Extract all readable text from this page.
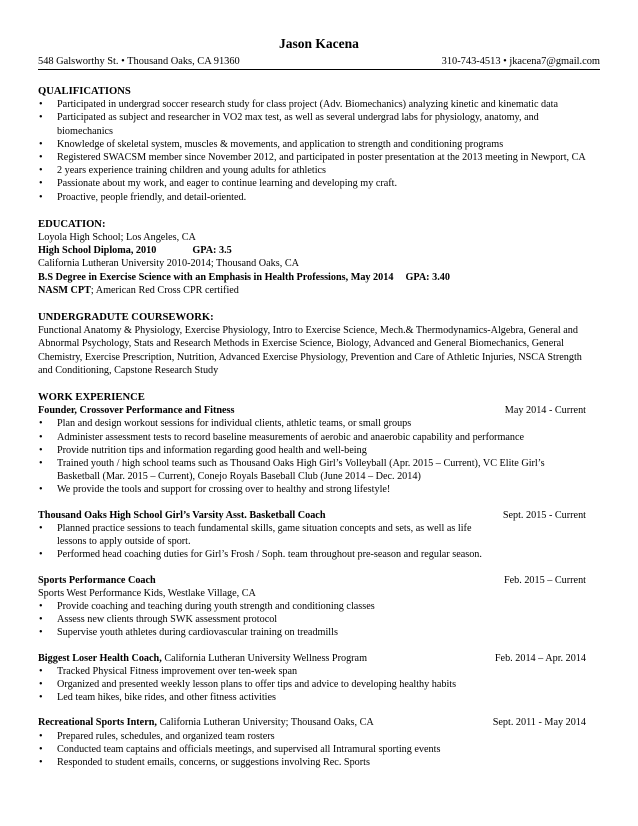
Jason Kacena
548 Galsworthy St. • Thousand Oaks, CA 91360	310-743-4513 • jkacena7@gmail.com
QUALIFICATIONS
• Participated in undergrad soccer research study for class project (Adv. Biomechanics) analyzing kinetic and kinematic data
• Participated as subject and researcher in VO2 max test, as well as several undergrad labs for physiology, anatomy, and biomechanics
• Knowledge of skeletal system, muscles & movements, and application to strength and conditioning programs
• Registered SWACSM member since November 2012, and participated in poster presentation at the 2013 meeting in Newport, CA
• 2 years experience training children and young adults for athletics
• Passionate about my work, and eager to continue learning and developing my craft.
• Proactive, people friendly, and detail-oriented.
EDUCATION:
Loyola High School; Los Angeles, CA
High School Diploma, 2010	GPA: 3.5
California Lutheran University 2010-2014; Thousand Oaks, CA
B.S Degree in Exercise Science with an Emphasis in Health Professions, May 2014 GPA: 3.40
NASM CPT; American Red Cross CPR certified
UNDERGRADUTE COURSEWORK:
Functional Anatomy & Physiology, Exercise Physiology, Intro to Exercise Science, Mech.& Thermodynamics-Algebra, General and Abnormal Psychology, Stats and Research Methods in Exercise Science, Biology, Advanced and General Biomechanics, General Chemistry, Exercise Prescription, Nutrition, Advanced Exercise Physiology, Prevention and Care of Athletic Injuries, NSCA Strength and Conditioning, Capstone Research Study
WORK EXPERIENCE
Founder, Crossover Performance and Fitness	May 2014 - Current
• Plan and design workout sessions for individual clients, athletic teams, or small groups
• Administer assessment tests to record baseline measurements of aerobic and anaerobic capability and performance
• Provide nutrition tips and information regarding good health and well-being
• Trained youth / high school teams such as Thousand Oaks High Girl’s Volleyball (Apr. 2015 – Current), VC Elite Girl’s Basketball (Mar. 2015 – Current), Conejo Royals Baseball Club (June 2014 – Dec. 2014)
• We provide the tools and support for crossing over to healthy and strong lifestyle!
Thousand Oaks High School Girl’s Varsity Asst. Basketball Coach	Sept. 2015 - Current
• Planned practice sessions to teach fundamental skills, game situation concepts and sets, as well as life lessons to apply outside of sport.
• Performed head coaching duties for Girl’s Frosh / Soph. team throughout pre-season and regular season.
Sports Performance Coach	Feb. 2015 – Current
Sports West Performance Kids, Westlake Village, CA
• Provide coaching and teaching during youth strength and conditioning classes
• Assess new clients through SWK assessment protocol
• Supervise youth athletes during cardiovascular training on treadmills
Biggest Loser Health Coach, California Lutheran University Wellness Program	Feb. 2014 – Apr. 2014
• Tracked Physical Fitness improvement over ten-week span
• Organized and presented weekly lesson plans to offer tips and advice to developing healthy habits
• Led team hikes, bike rides, and other fitness activities
Recreational Sports Intern, California Lutheran University; Thousand Oaks, CA	Sept. 2011 - May 2014
• Prepared rules, schedules, and organized team rosters
• Conducted team captains and officials meetings, and supervised all Intramural sporting events
• Responded to student emails, concerns, or suggestions involving Rec. Sports
